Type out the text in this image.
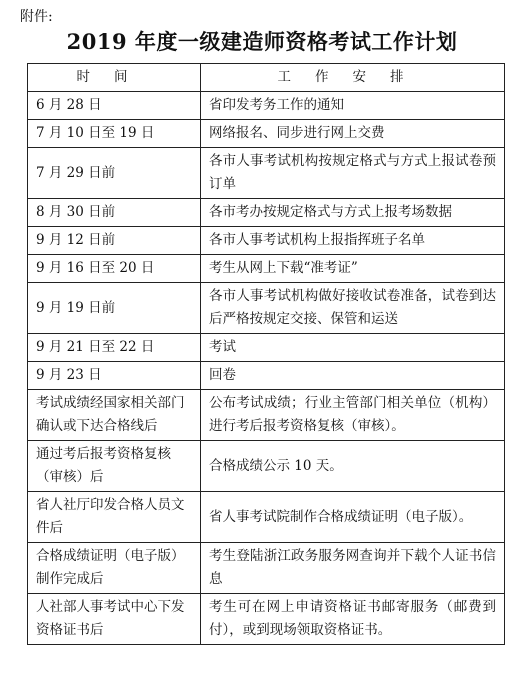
附件:
2019 年度一级建造师资格考试工作计划
时间	工作安排
6 月 28 日	省印发考务工作的通知
7 月 10 日至 19 日	网络报名、同步进行网上交费
7 月 29 日前	各市人事考试机构按规定格式与方式上报试卷预订单
8 月 30 日前	各市考办按规定格式与方式上报考场数据
9 月 12 日前	各市人事考试机构上报指挥班子名单
9 月 16 日至 20 日	考生从网上下载“准考证”
9 月 19 日前	各市人事考试机构做好接收试卷准备，试卷到达后严格按规定交接、保管和运送
9 月 21 日至 22 日	考试
9 月 23 日	回卷
考试成绩经国家相关部门确认或下达合格线后	公布考试成绩；行业主管部门相关单位（机构）进行考后报考资格复核（审核）。
通过考后报考资格复核（审核）后	合格成绩公示 10 天。
省人社厅印发合格人员文件后	省人事考试院制作合格成绩证明（电子版）。
合格成绩证明（电子版）制作完成后	考生登陆浙江政务服务网查询并下载个人证书信息
人社部人事考试中心下发资格证书后	考生可在网上申请资格证书邮寄服务（邮费到付），或到现场领取资格证书。
